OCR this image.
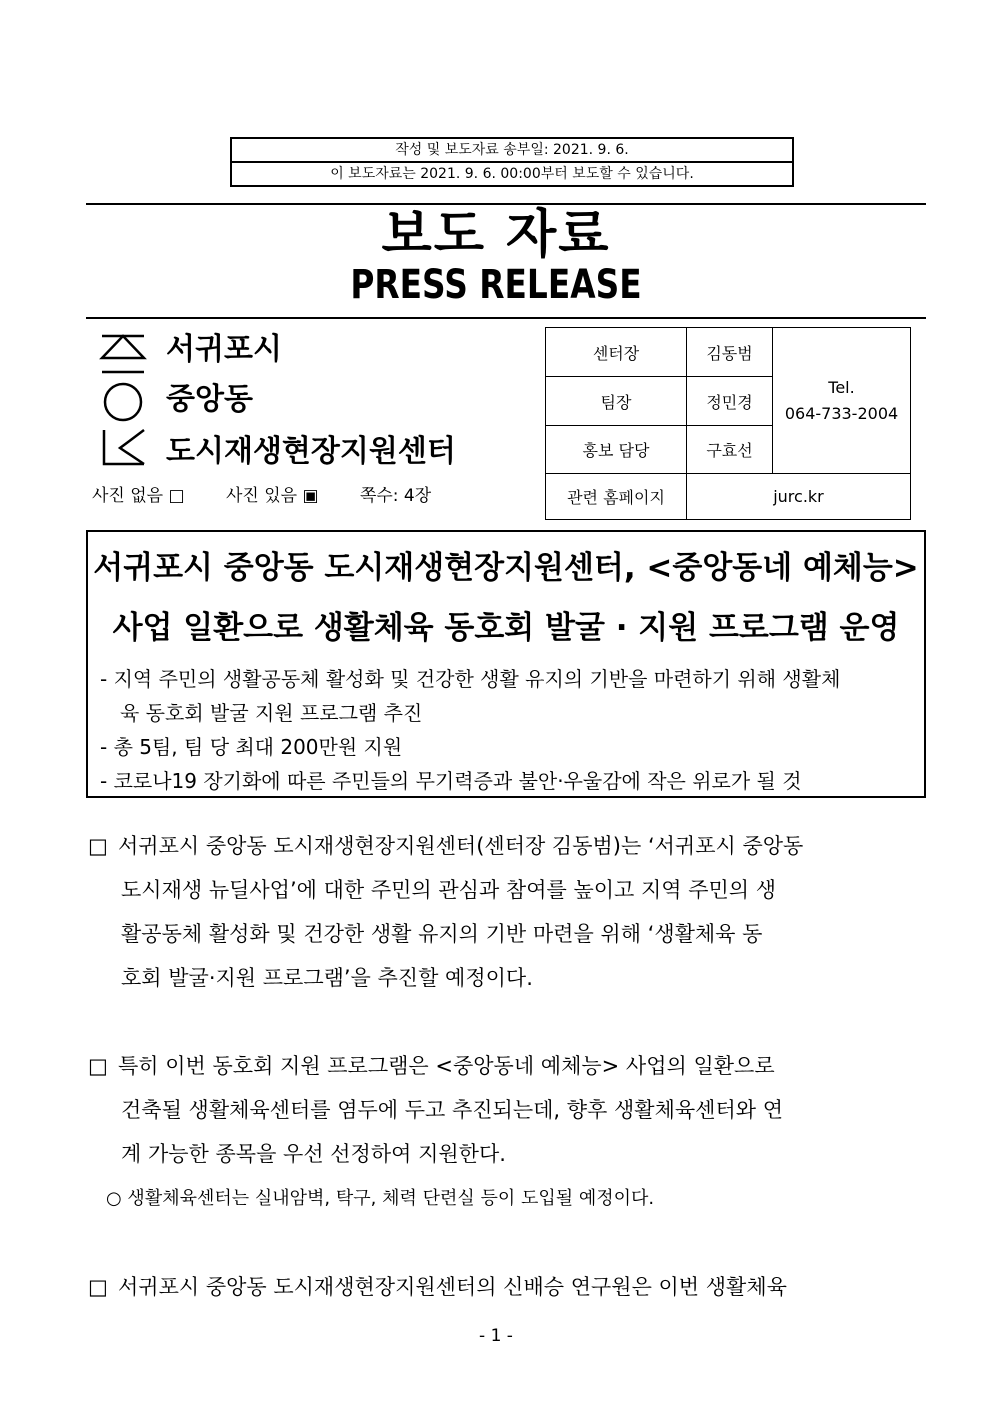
작성 및 보도자료 송부일: 2021. 9. 6.
이 보도자료는 2021. 9. 6. 00:00부터 보도할 수 있습니다.
보도 자료
PRESS RELEASE
서귀포시
중앙동
도시재생현장지원센터
사진 없음 □ 사진 있음 ▣ 쪽수: 4장
센터장	김동범	Tel.
064-733-2004

팀장	정민경	
홍보 담당	구효선	
관련 홈페이지	jurc.kr	
서귀포시 중앙동 도시재생현장지원센터, <중앙동네 예체능>
사업 일환으로 생활체육 동호회 발굴 · 지원 프로그램 운영
- 지역 주민의 생활공동체 활성화 및 건강한 생활 유지의 기반을 마련하기 위해 생활체
육 동호회 발굴 지원 프로그램 추진
- 총 5팀, 팀 당 최대 200만원 지원
- 코로나19 장기화에 따른 주민들의 무기력증과 불안·우울감에 작은 위로가 될 것
□ 서귀포시 중앙동 도시재생현장지원센터(센터장 김동범)는 ‘서귀포시 중앙동
도시재생 뉴딜사업’에 대한 주민의 관심과 참여를 높이고 지역 주민의 생
활공동체 활성화 및 건강한 생활 유지의 기반 마련을 위해 ‘생활체육 동
호회 발굴·지원 프로그램’을 추진할 예정이다.
□ 특히 이번 동호회 지원 프로그램은 <중앙동네 예체능> 사업의 일환으로
건축될 생활체육센터를 염두에 두고 추진되는데, 향후 생활체육센터와 연
계 가능한 종목을 우선 선정하여 지원한다.
○ 생활체육센터는 실내암벽, 탁구, 체력 단련실 등이 도입될 예정이다.
□ 서귀포시 중앙동 도시재생현장지원센터의 신배승 연구원은 이번 생활체육
- 1 -
